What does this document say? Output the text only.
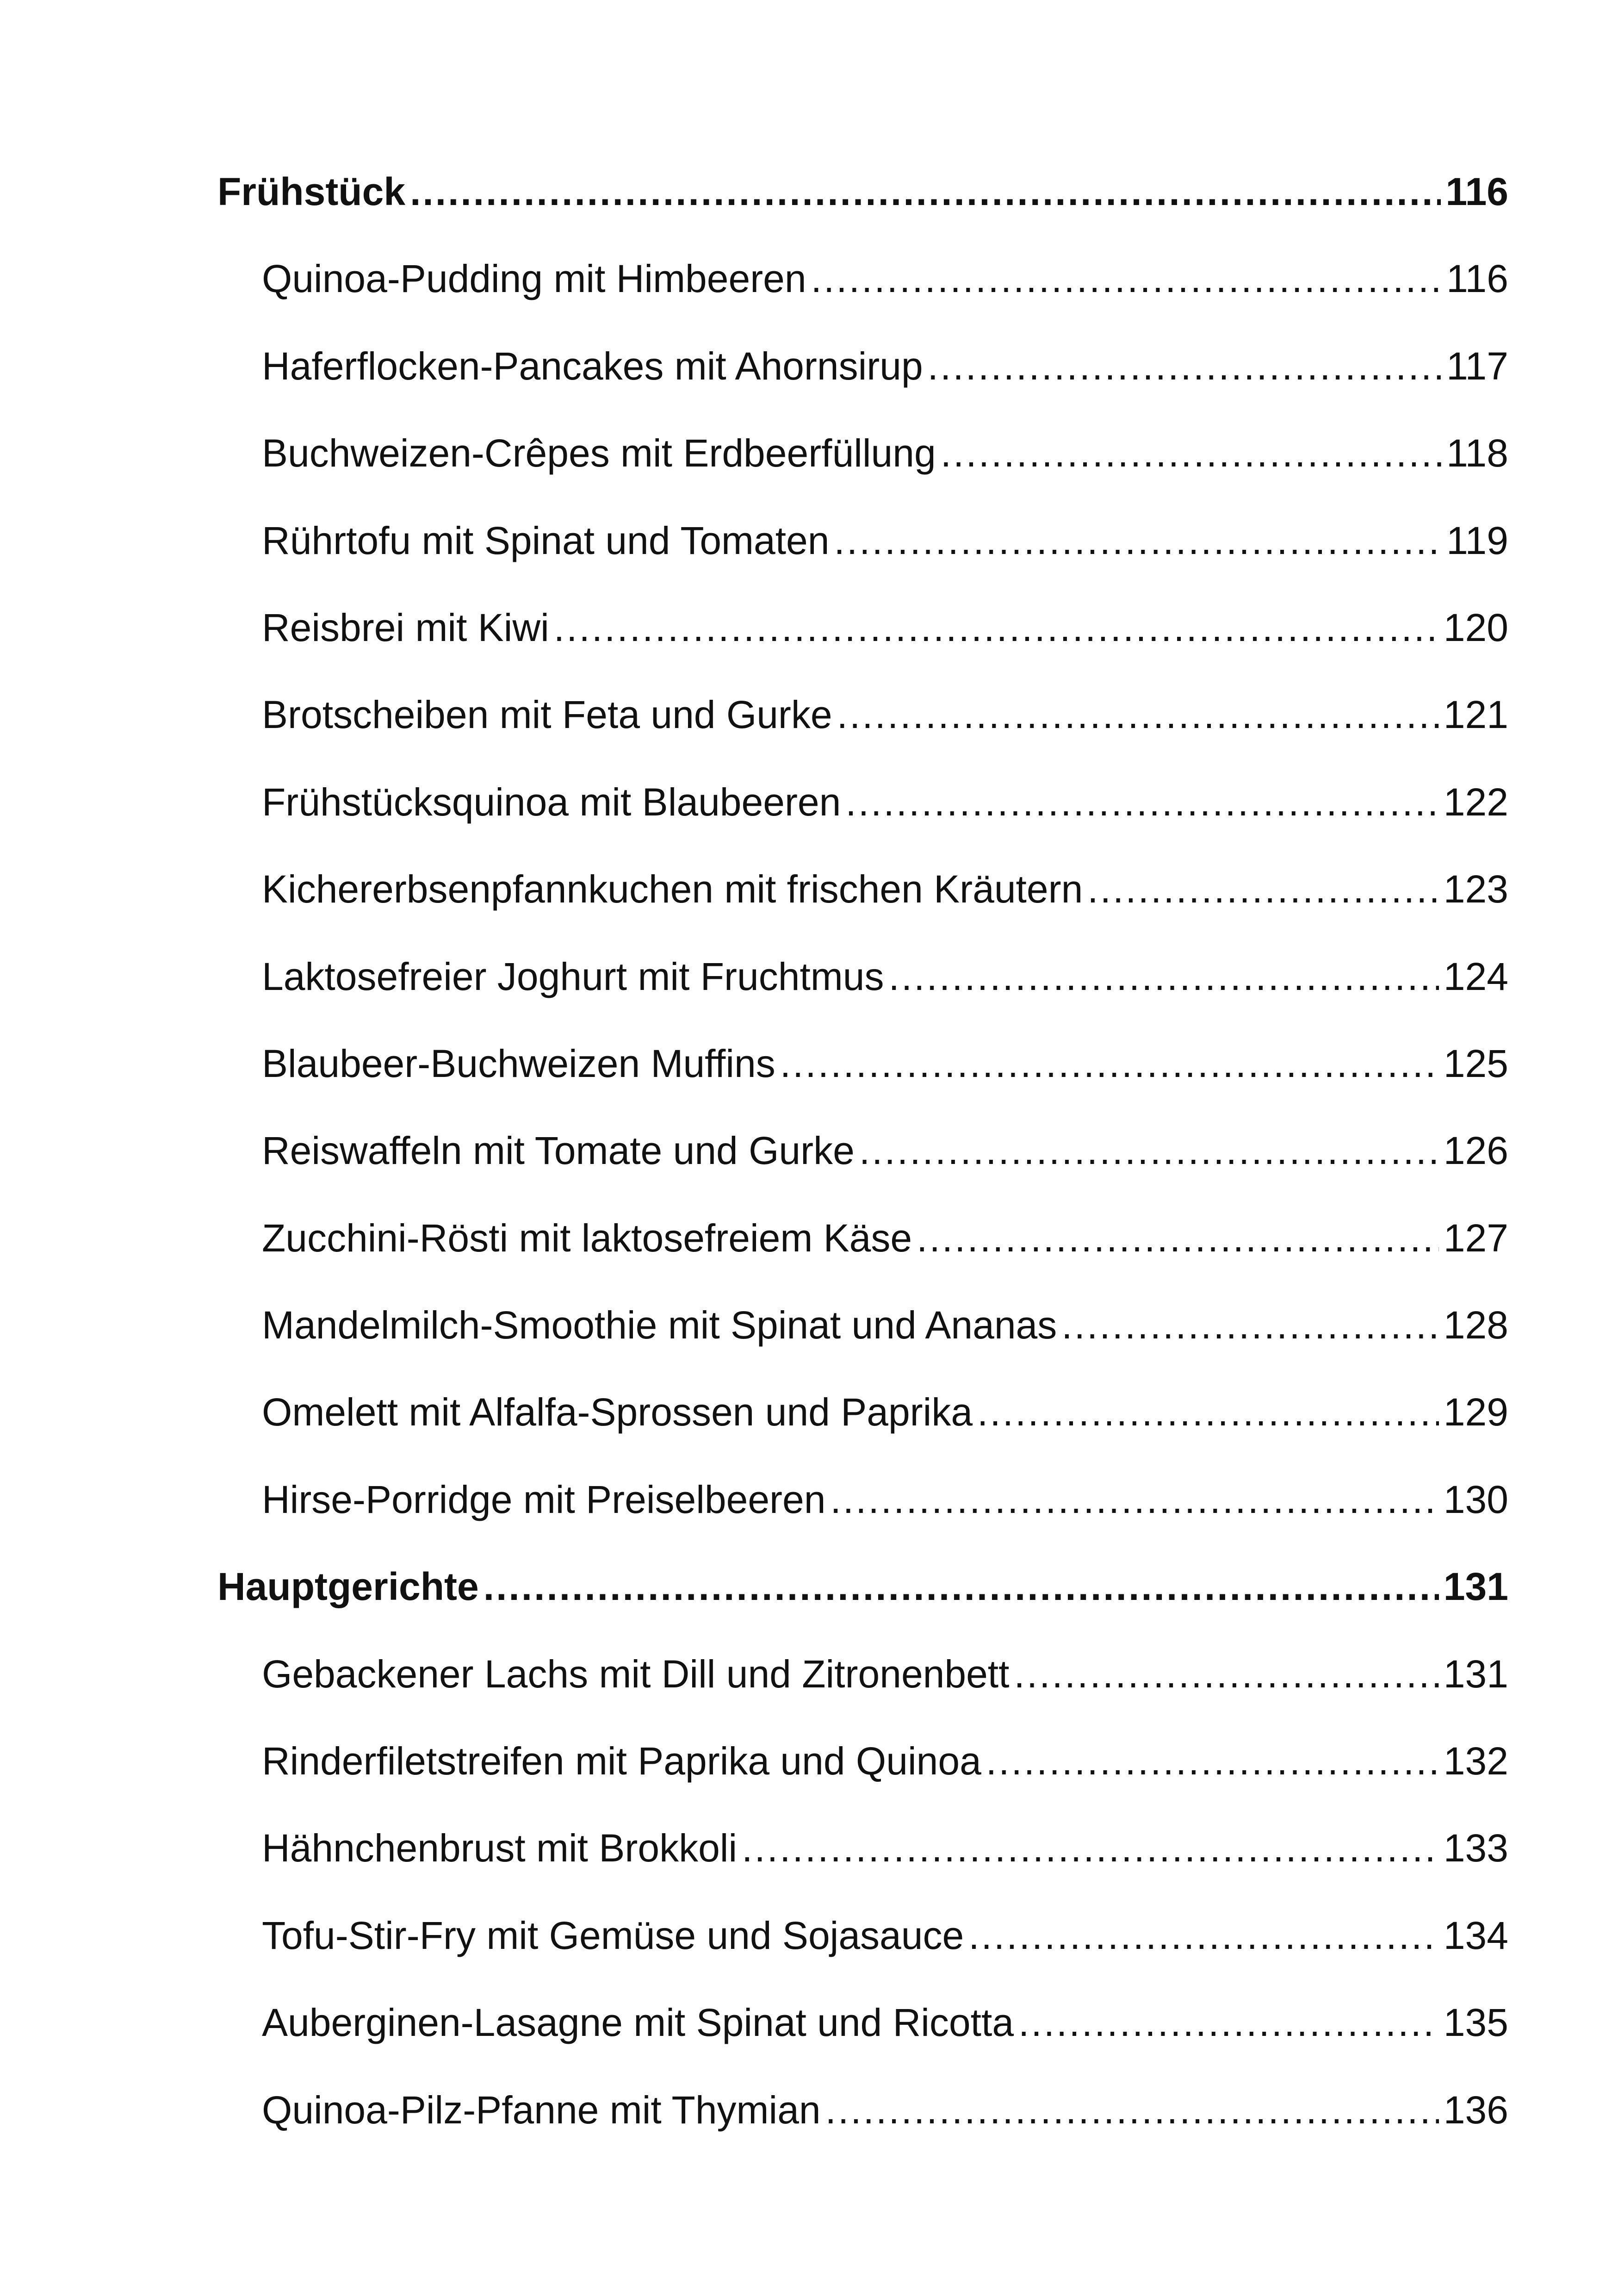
Frühstück .....	116
Quinoa-Pudding mit Himbeeren .....	116
Haferflocken-Pancakes mit Ahornsirup .....	117
Buchweizen-Crêpes mit Erdbeerfüllung .....	118
Rührtofu mit Spinat und Tomaten .....	119
Reisbrei mit Kiwi .....	120
Brotscheiben mit Feta und Gurke .....	121
Frühstücksquinoa mit Blaubeeren .....	122
Kichererbsenpfannkuchen mit frischen Kräutern .....	123
Laktosefreier Joghurt mit Fruchtmus .....	124
Blaubeer-Buchweizen Muffins .....	125
Reiswaffeln mit Tomate und Gurke .....	126
Zucchini-Rösti mit laktosefreiem Käse .....	127
Mandelmilch-Smoothie mit Spinat und Ananas .....	128
Omelett mit Alfalfa-Sprossen und Paprika .....	129
Hirse-Porridge mit Preiselbeeren .....	130
Hauptgerichte .....	131
Gebackener Lachs mit Dill und Zitronenbett .....	131
Rinderfiletstreifen mit Paprika und Quinoa .....	132
Hähnchenbrust mit Brokkoli .....	133
Tofu-Stir-Fry mit Gemüse und Sojasauce .....	134
Auberginen-Lasagne mit Spinat und Ricotta .....	135
Quinoa-Pilz-Pfanne mit Thymian .....	136
